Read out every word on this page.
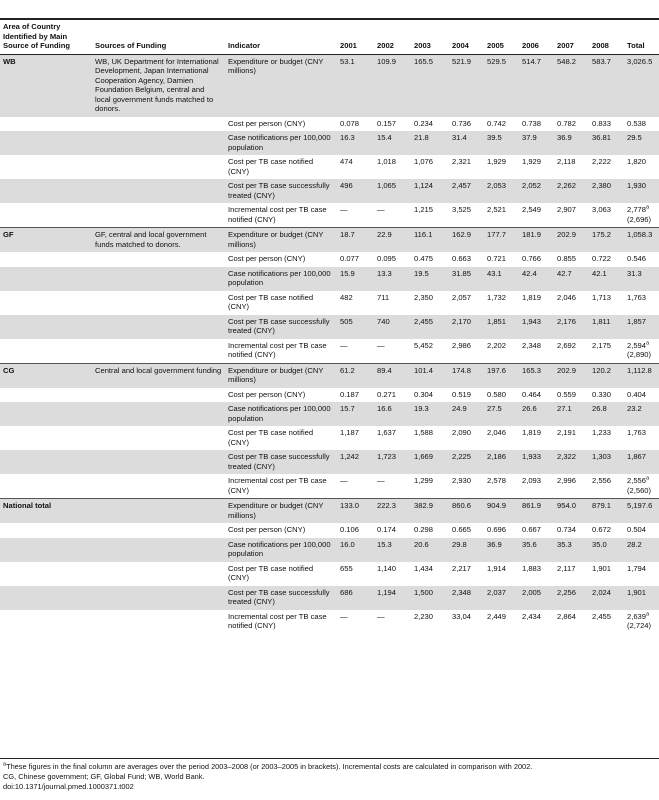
Area of Country Identified by Main Source of Funding	Sources of Funding	Indicator	2001	2002	2003	2004	2005	2006	2007	2008	Total
WB	WB, UK Department for International Development, Japan International Cooperation Agency, Damien Foundation Belgium, central and local government funds matched to donors.	Expenditure or budget (CNY millions)	53.1	109.9	165.5	521.9	529.5	514.7	548.2	583.7	3,026.5
		Cost per person (CNY)	0.078	0.157	0.234	0.736	0.742	0.738	0.782	0.833	0.538
		Case notifications per 100,000 population	16.3	15.4	21.8	31.4	39.5	37.9	36.9	36.81	29.5
		Cost per TB case notified (CNY)	474	1,018	1,076	2,321	1,929	1,929	2,118	2,222	1,820
		Cost per TB case successfully treated (CNY)	496	1,065	1,124	2,457	2,053	2,052	2,262	2,380	1,930
		Incremental cost per TB case notified (CNY)	—	—	1,215	3,525	2,521	2,549	2,907	3,063	2,778$^a$
(2,696)
GF	GF, central and local government funds matched to donors.	Expenditure or budget (CNY millions)	18.7	22.9	116.1	162.9	177.7	181.9	202.9	175.2	1,058.3
		Cost per person (CNY)	0.077	0.095	0.475	0.663	0.721	0.766	0.855	0.722	0.546
		Case notifications per 100,000 population	15.9	13.3	19.5	31.85	43.1	42.4	42.7	42.1	31.3
		Cost per TB case notified (CNY)	482	711	2,350	2,057	1,732	1,819	2,046	1,713	1,763
		Cost per TB case successfully treated (CNY)	505	740	2,455	2,170	1,851	1,943	2,176	1,811	1,857
		Incremental cost per TB case notified (CNY)	—	—	5,452	2,986	2,202	2,348	2,692	2,175	2,594$^a$
(2,890)
CG	Central and local government funding	Expenditure or budget (CNY millions)	61.2	89.4	101.4	174.8	197.6	165.3	202.9	120.2	1,112.8
		Cost per person (CNY)	0.187	0.271	0.304	0.519	0.580	0.464	0.559	0.330	0.404
		Case notifications per 100,000 population	15.7	16.6	19.3	24.9	27.5	26.6	27.1	26.8	23.2
		Cost per TB case notified (CNY)	1,187	1,637	1,588	2,090	2,046	1,819	2,191	1,233	1,763
		Cost per TB case successfully treated (CNY)	1,242	1,723	1,669	2,225	2,186	1,933	2,322	1,303	1,867
		Incremental cost per TB case (CNY)	—	—	1,299	2,930	2,578	2,093	2,996	2,556	2,556$^a$
(2,560)
National total		Expenditure or budget (CNY millions)	133.0	222.3	382.9	860.6	904.9	861.9	954.0	879.1	5,197.6
		Cost per person (CNY)	0.106	0.174	0.298	0.665	0.696	0.667	0.734	0.672	0.504
		Case notifications per 100,000 population	16.0	15.3	20.6	29.8	36.9	35.6	35.3	35.0	28.2
		Cost per TB case notified (CNY)	655	1,140	1,434	2,217	1,914	1,883	2,117	1,901	1,794
		Cost per TB case successfully treated (CNY)	686	1,194	1,500	2,348	2,037	2,005	2,256	2,024	1,901
		Incremental cost per TB case notified (CNY)	—	—	2,230	33,04	2,449	2,434	2,864	2,455	2,639$^a$
(2,724)
$^a$These figures in the final column are averages over the period 2003–2008 (or 2003–2005 in brackets). Incremental costs are calculated in comparison with 2002.
CG, Chinese government; GF, Global Fund; WB, World Bank.
doi:10.1371/journal.pmed.1000371.t002
